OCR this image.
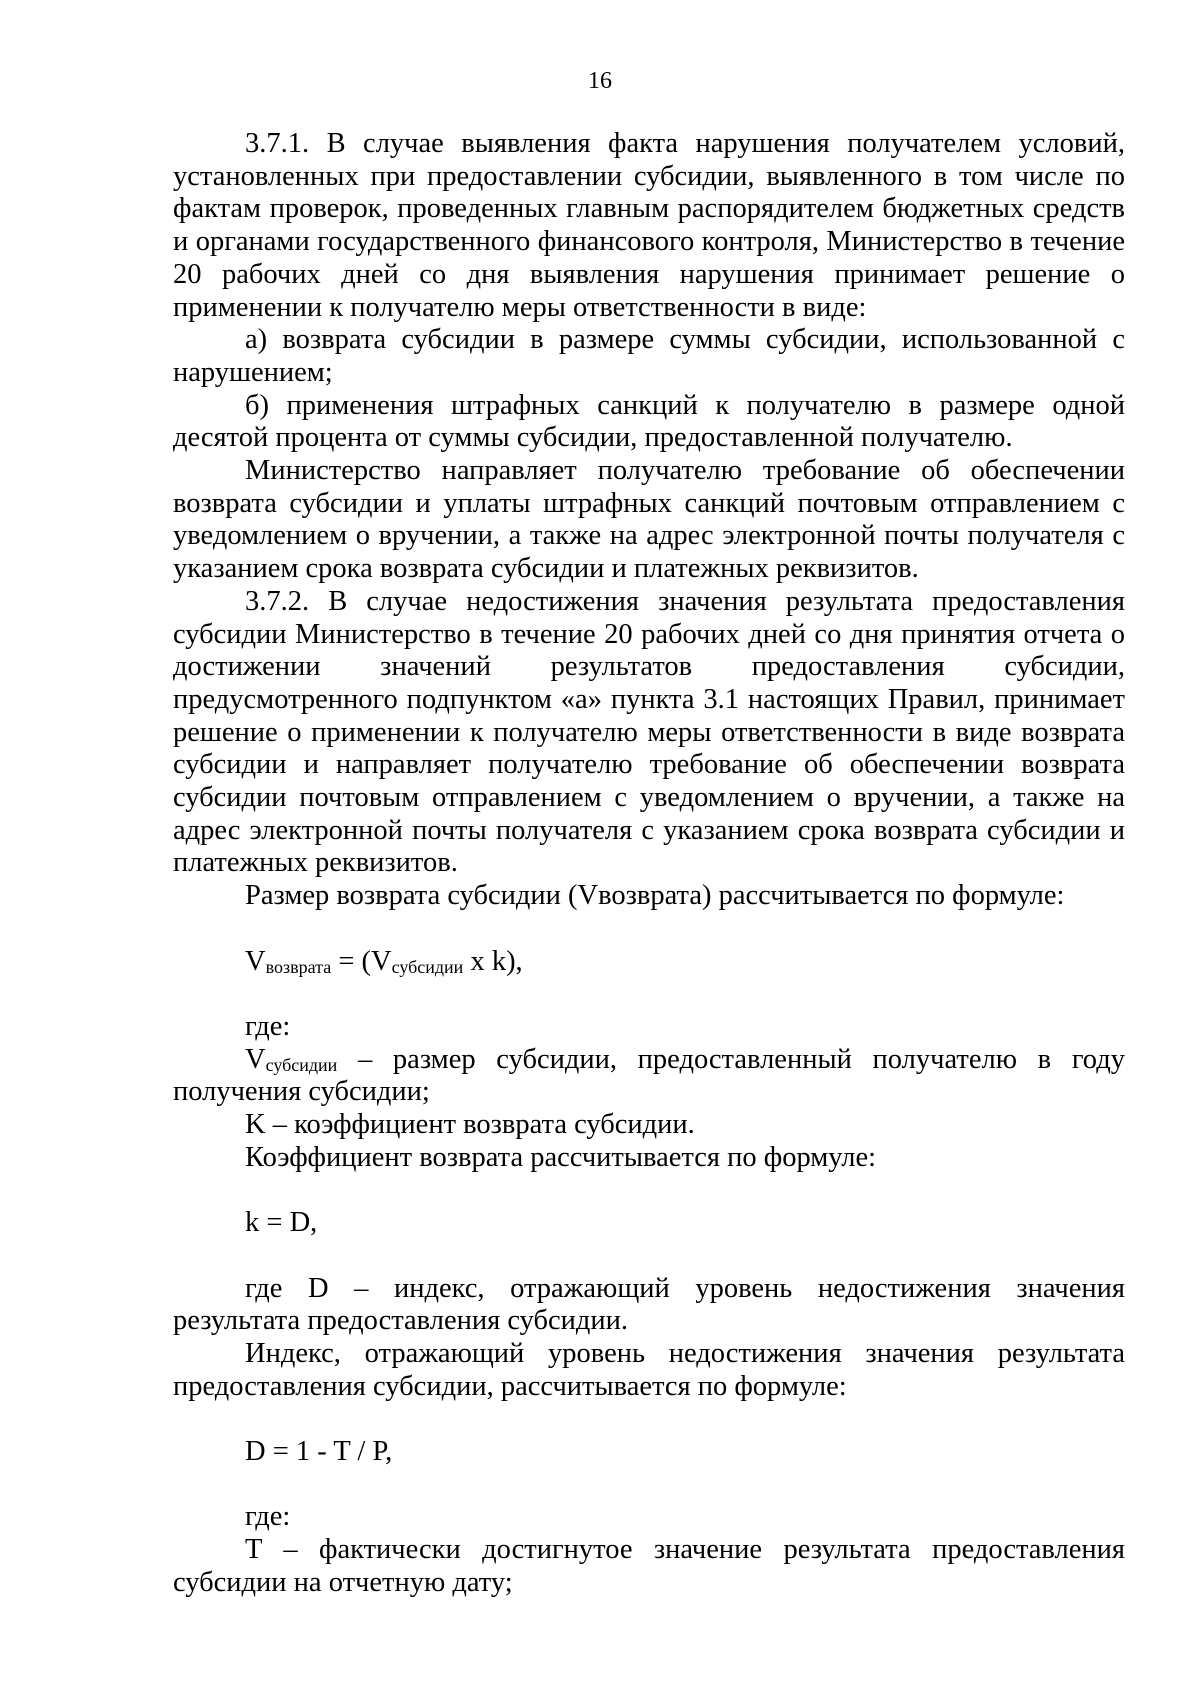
16

3.7.1. В случае выявления факта нарушения получателем условий, установленных при предоставлении субсидии, выявленного в том числе по фактам проверок, проведенных главным распорядителем бюджетных средств и органами государственного финансового контроля, Министерство в течение 20 рабочих дней со дня выявления нарушения принимает решение о применении к получателю меры ответственности в виде:

а) возврата субсидии в размере суммы субсидии, использованной с нарушением;

б) применения штрафных санкций к получателю в размере одной десятой процента от суммы субсидии, предоставленной получателю.

Министерство направляет получателю требование об обеспечении возврата субсидии и уплаты штрафных санкций почтовым отправлением с уведомлением о вручении, а также на адрес электронной почты получателя с указанием срока возврата субсидии и платежных реквизитов.

3.7.2. В случае недостижения значения результата предоставления субсидии Министерство в течение 20 рабочих дней со дня принятия отчета о достижении значений результатов предоставления субсидии, предусмотренного подпунктом «а» пункта 3.1 настоящих Правил, принимает решение о применении к получателю меры ответственности в виде возврата субсидии и направляет получателю требование об обеспечении возврата субсидии почтовым отправлением с уведомлением о вручении, а также на адрес электронной почты получателя с указанием срока возврата субсидии и платежных реквизитов.

Размер возврата субсидии (Vвозврата) рассчитывается по формуле:

Vвозврата = (Vсубсидии x k),

где:

Vсубсидии – размер субсидии, предоставленный получателю в году получения субсидии;

K – коэффициент возврата субсидии.

Коэффициент возврата рассчитывается по формуле:

k = D,

где D – индекс, отражающий уровень недостижения значения результата предоставления субсидии.

Индекс, отражающий уровень недостижения значения результата предоставления субсидии, рассчитывается по формуле:

D = 1 - T / P,

где:

T – фактически достигнутое значение результата предоставления субсидии на отчетную дату;
